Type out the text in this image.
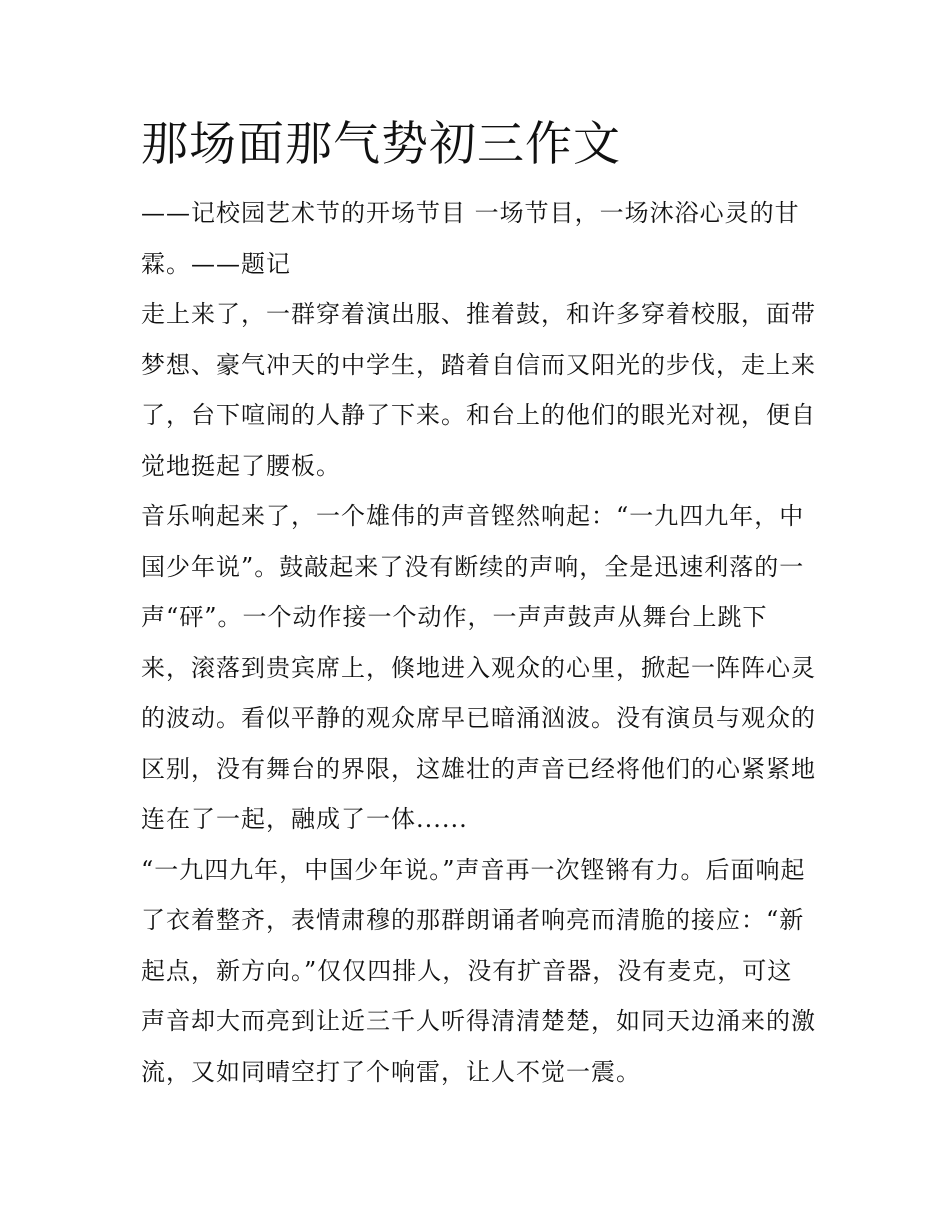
那场面那气势初三作文

——记校园艺术节的开场节目 一场节目，一场沐浴心灵的甘霖。——题记

走上来了，一群穿着演出服、推着鼓，和许多穿着校服，面带梦想、豪气冲天的中学生，踏着自信而又阳光的步伐，走上来了，台下喧闹的人静了下来。和台上的他们的眼光对视，便自觉地挺起了腰板。

音乐响起来了，一个雄伟的声音铿然响起：“一九四九年，中国少年说”。鼓敲起来了没有断续的声响，全是迅速利落的一声“砰”。一个动作接一个动作，一声声鼓声从舞台上跳下来，滚落到贵宾席上，倏地进入观众的心里，掀起一阵阵心灵的波动。看似平静的观众席早已暗涌汹波。没有演员与观众的区别，没有舞台的界限，这雄壮的声音已经将他们的心紧紧地连在了一起，融成了一体......

“一九四九年，中国少年说。”声音再一次铿锵有力。后面响起了衣着整齐，表情肃穆的那群朗诵者响亮而清脆的接应：“新起点，新方向。”仅仅四排人，没有扩音器，没有麦克，可这声音却大而亮到让近三千人听得清清楚楚，如同天边涌来的激流，又如同晴空打了个响雷，让人不觉一震。
